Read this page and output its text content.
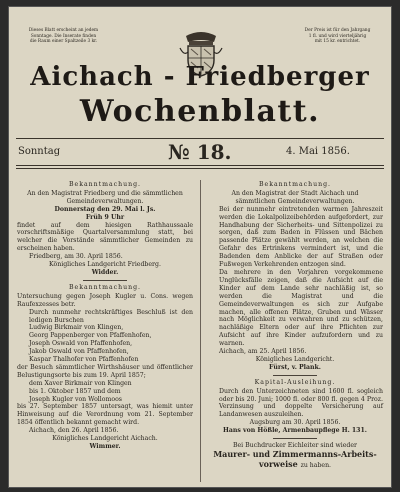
Dieses Blatt erscheint an jedem
Sonntage. Die Inserate finden
die Raum einer Spaltzeile 3 kr.
Der Preis ist für den Jahrgang
1 fl. und wird vierteljährig
mit 15 kr. entrichtet.
Aichach - Friedberger
Wochenblatt.
Sonntag	№ 18.	4. Mai 1856.
Bekanntmachung.
An den Magistrat Friedberg und die sämmtlichen
Gemeindeverwaltungen.
Donnerstag den 29. Mai l. Js.
Früh 9 Uhr

findet auf dem hiesigen Rathhaussaale vorschriftsmäßige Quartalversammlung statt, bei welcher die Vorstände sämmtlicher Gemeinden zu erscheinen haben.

Friedberg, am 30. April 1856.
Königliches Landgericht Friedberg.
Widder.
Bekanntmachung.

Untersuchung gegen Joseph Kugler u. Cons. wegen Raufexzesses betr.

Durch nunmehr rechtskräftiges Beschluß ist den ledigen Burschen

Ludwig Birkmair von Klingen,
Georg Pappenberger von Pfaffenhofen,
Joseph Oswald von Pfaffenhofen,
Jakob Oswald von Pfaffenhofen,
Kaspar Thalhofer von Pfaffenhofen

der Besuch sämmtlicher Wirthshäuser und öffentlicher Belustigungsorte bis zum 19. April 1857;

dem Xaver Birkmair von Klingen
bis 1. Oktober 1857 und dem
Joseph Kugler von Wollomoos

bis 27. September 1857 untersagt, was hiemit unter Hinweisung auf die Verordnung vom 21. September 1854 öffentlich bekannt gemacht wird.

Aichach, den 26. April 1856.
Königliches Landgericht Aichach.
Wimmer.
Bekanntmachung.
An den Magistrat der Stadt Aichach und
sämmtlichen Gemeindeverwaltungen.

Bei der nunmehr eintretenden warmen Jahreszeit werden die Lokalpolizeibehörden aufgefordert, zur Handhabung der Sicherheits- und Sittenpolizei zu sorgen, daß zum Baden in Flüssen und Bächen passende Plätze gewählt werden, an welchen die Gefahr des Ertrinkens vermindert ist, und die Badenden dem Anblicke der auf Straßen oder Fußwegen Verkehrenden entzogen sind.

Da mehrere in den Vorjahren vorgekommene Unglücksfälle zeigen, daß die Aufsicht auf die Kinder auf dem Lande sehr nachläßig ist, so werden die Magistrat und die Gemeindeverwaltungen es sich zur Aufgabe machen, alle offenen Plätze, Gruben und Wässer nach Möglichkeit zu verwahren und zu schützen, nachläßige Eltern oder auf ihre Pflichten zur Aufsicht auf ihre Kinder aufzufordern und zu warnen.

Aichach, am 25. April 1856.
Königliches Landgericht.
Fürst, v. Plank.
Kapital-Ausleihung.

Durch den Unterzeichneten sind 1600 fl. sogleich oder bis 20. Juni; 1000 fl. oder 800 fl. gegen 4 Proz. Verzinsung und doppelte Versicherung auf Landanwesen auszuleihen.

Augsburg am 30. April 1856.
Hans von Hößle, Armenbaupflege H. 131.
Bei Buchdrucker Eichleiter sind wieder
Maurer- und Zimmermanns-Arbeits-
vorweise zu haben.
